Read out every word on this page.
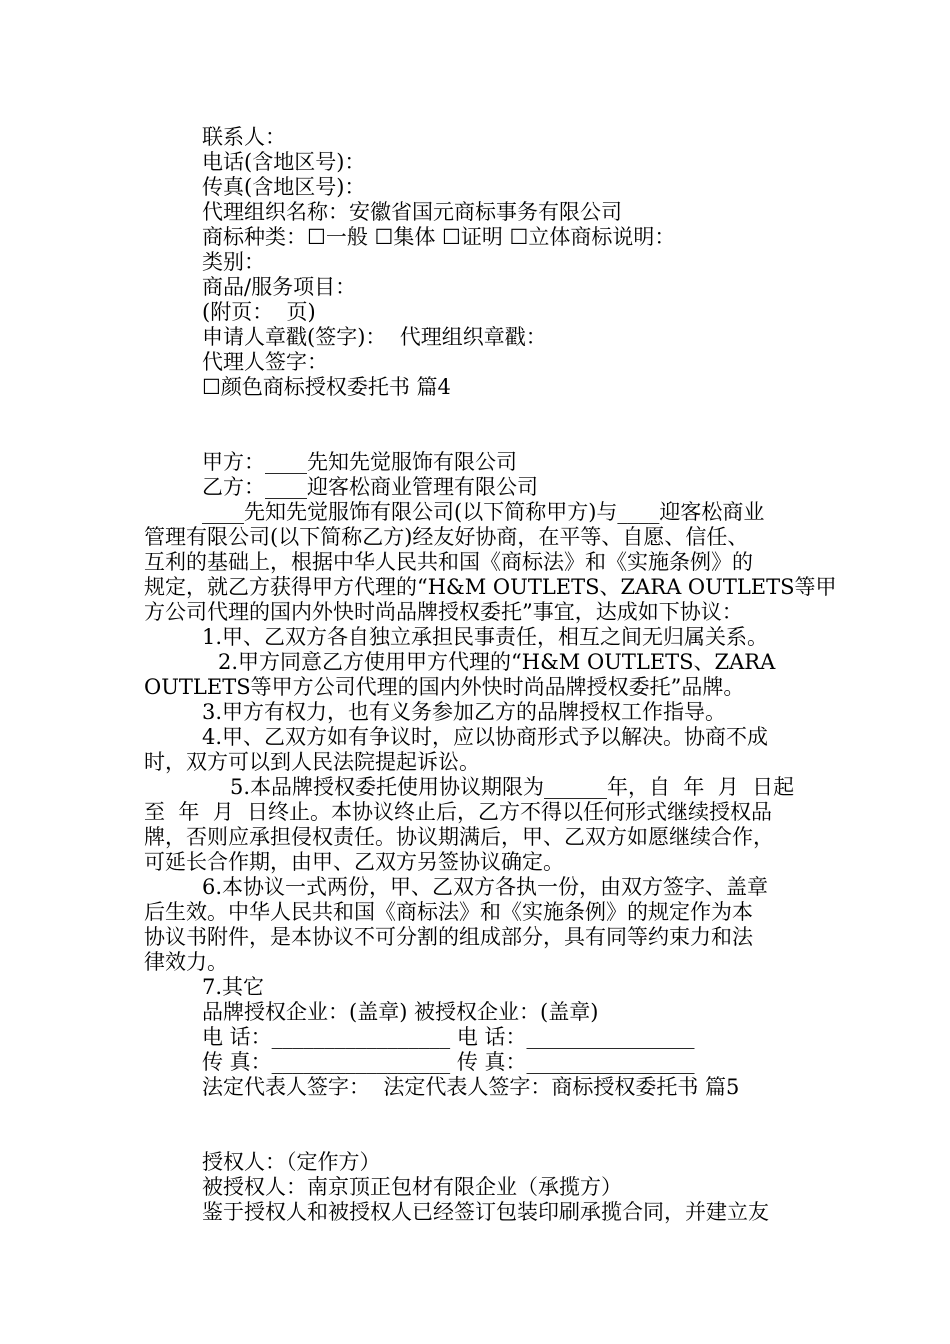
联系人：
电话(含地区号)：
传真(含地区号)：
代理组织名称：安徽省国元商标事务有限公司
商标种类：☐一般 ☐集体 ☐证明 ☐立体商标说明：
类别：
商品/服务项目：
(附页：  页)
申请人章戳(签字)：  代理组织章戳：
代理人签字：
☐颜色商标授权委托书 篇4
甲方：____先知先觉服饰有限公司
乙方：____迎客松商业管理有限公司
____先知先觉服饰有限公司(以下简称甲方)与____迎客松商业
管理有限公司(以下简称乙方)经友好协商，在平等、自愿、信任、
互利的基础上，根据中华人民共和国《商标法》和《实施条例》的
规定，就乙方获得甲方代理的“H&M OUTLETS、ZARA OUTLETS等甲
方公司代理的国内外快时尚品牌授权委托”事宜，达成如下协议：
1.甲、乙双方各自独立承担民事责任，相互之间无归属关系。
2.甲方同意乙方使用甲方代理的“H&M OUTLETS、ZARA
OUTLETS等甲方公司代理的国内外快时尚品牌授权委托”品牌。
3.甲方有权力，也有义务参加乙方的品牌授权工作指导。
4.甲、乙双方如有争议时，应以协商形式予以解决。协商不成
时，双方可以到人民法院提起诉讼。
5.本品牌授权委托使用协议期限为______年，自  年  月  日起
至  年  月  日终止。本协议终止后，乙方不得以任何形式继续授权品
牌，否则应承担侵权责任。协议期满后，甲、乙双方如愿继续合作，
可延长合作期，由甲、乙双方另签协议确定。
6.本协议一式两份，甲、乙双方各执一份，由双方签字、盖章
后生效。中华人民共和国《商标法》和《实施条例》的规定作为本
协议书附件，是本协议不可分割的组成部分，具有同等约束力和法
律效力。
7.其它
品牌授权企业：(盖章) 被授权企业：(盖章)
电 话：_________________ 电 话：________________
传 真：_________________ 传 真：________________
法定代表人签字：  法定代表人签字：商标授权委托书 篇5
授权人：（定作方）
被授权人：南京顶正包材有限企业（承揽方）
鉴于授权人和被授权人已经签订包装印刷承揽合同，并建立友
